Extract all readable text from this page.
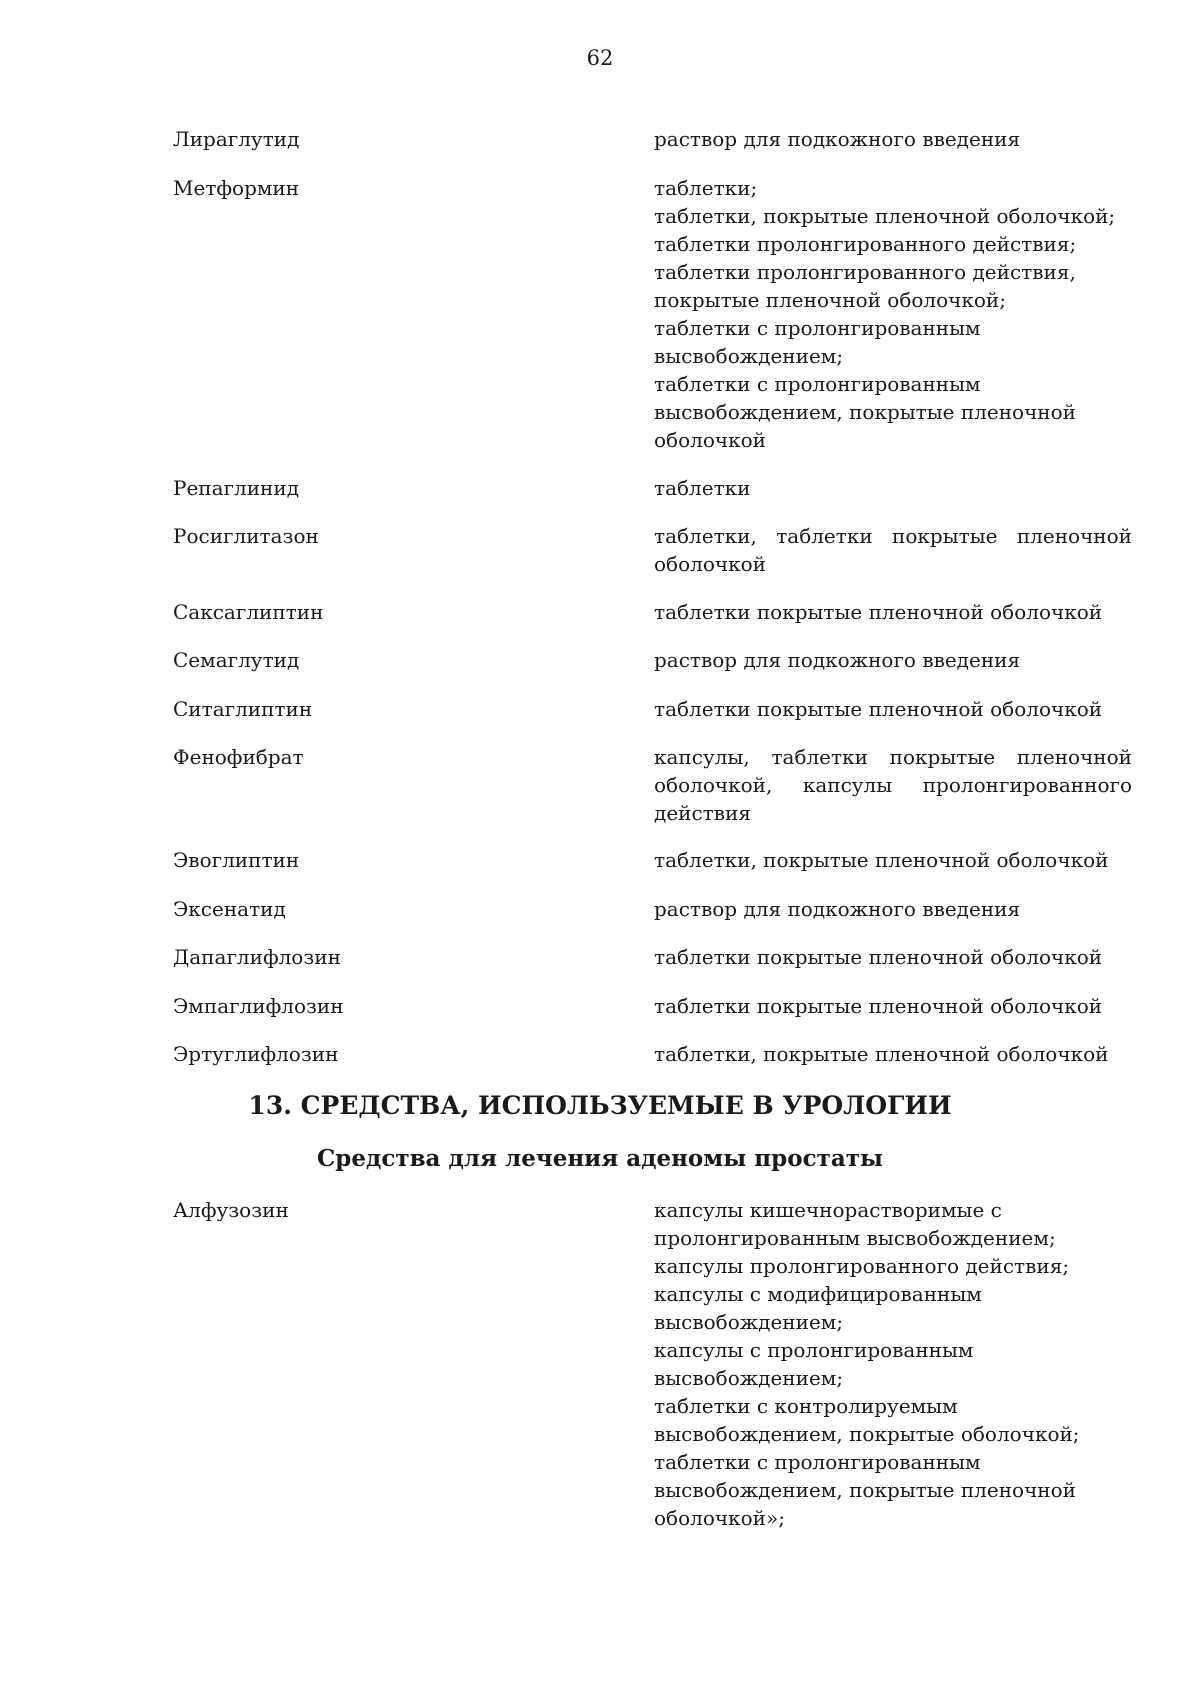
62
Лираглутид	раствор для подкожного введения
Метформин	таблетки;
таблетки, покрытые пленочной оболочкой;
таблетки пролонгированного действия;
таблетки пролонгированного действия,
покрытые пленочной оболочкой;
таблетки с пролонгированным
высвобождением;
таблетки с пролонгированным
высвобождением, покрытые пленочной
оболочкой
Репаглинид	таблетки
Росиглитазон	таблетки, таблетки покрытые пленочной
оболочкой
Саксаглиптин	таблетки покрытые пленочной оболочкой
Семаглутид	раствор для подкожного введения
Ситаглиптин	таблетки покрытые пленочной оболочкой
Фенофибрат	капсулы, таблетки покрытые пленочной
оболочкой, капсулы пролонгированного
действия
Эвоглиптин	таблетки, покрытые пленочной оболочкой
Эксенатид	раствор для подкожного введения
Дапаглифлозин	таблетки покрытые пленочной оболочкой
Эмпаглифлозин	таблетки покрытые пленочной оболочкой
Эртуглифлозин	таблетки, покрытые пленочной оболочкой
13. СРЕДСТВА, ИСПОЛЬЗУЕМЫЕ В УРОЛОГИИ
Средства для лечения аденомы простаты
Алфузозин	капсулы кишечнорастворимые с
пролонгированным высвобождением;
капсулы пролонгированного действия;
капсулы с модифицированным
высвобождением;
капсулы с пролонгированным
высвобождением;
таблетки с контролируемым
высвобождением, покрытые оболочкой;
таблетки с пролонгированным
высвобождением, покрытые пленочной
оболочкой»;
